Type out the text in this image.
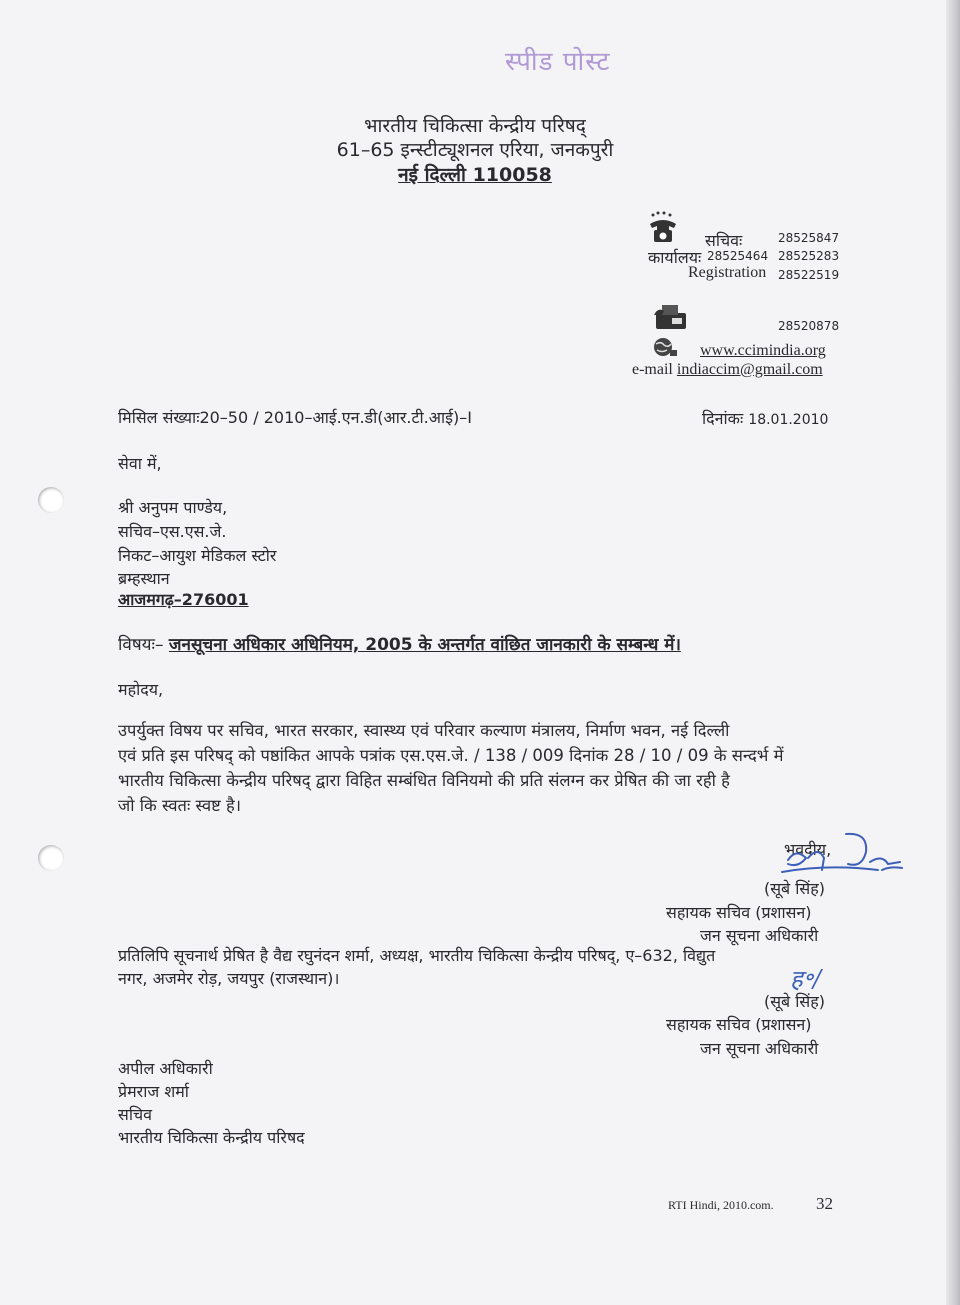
स्पीड पोस्ट
भारतीय चिकित्सा केन्द्रीय परिषद्
61–65 इन्स्टीट्यूशनल एरिया, जनकपुरी
नई दिल्ली 110058
सचिवः	28525847
कार्यालयः 28525464 28525283
Registration 28522519
28520878
www.ccimindia.org
e-mail indiaccim@gmail.com
मिसिल संख्याः20–50 / 2010–आई.एन.डी(आर.टी.आई)–I	दिनांकः 18.01.2010
सेवा में,
श्री अनुपम पाण्डेय,
सचिव–एस.एस.जे.
निकट–आयुश मेडिकल स्टोर
ब्रम्हस्थान
आजमगढ़–276001
विषयः– जनसूचना अधिकार अधिनियम, 2005 के अन्तर्गत वांछित जानकारी के सम्बन्ध में।
महोदय,
उपर्युक्त विषय पर सचिव, भारत सरकार, स्वास्थ्य एवं परिवार कल्याण मंत्रालय, निर्माण भवन, नई दिल्ली
एवं प्रति इस परिषद् को पष्ठांकित आपके पत्रांक एस.एस.जे. / 138 / 009 दिनांक 28 / 10 / 09 के सन्दर्भ में
भारतीय चिकित्सा केन्द्रीय परिषद् द्वारा विहित सम्बंधित विनियमो की प्रति संलग्न कर प्रेषित की जा रही है
जो कि स्वतः स्वष्ट है।
भवदीय,
(सूबे सिंह)
सहायक सचिव (प्रशासन)
जन सूचना अधिकारी
प्रतिलिपि सूचनार्थ प्रेषित है वैद्य रघुनंदन शर्मा, अध्यक्ष, भारतीय चिकित्सा केन्द्रीय परिषद्, ए–632, विद्युत
नगर, अजमेर रोड़, जयपुर (राजस्थान)।	ह॰/
(सूबे सिंह)
सहायक सचिव (प्रशासन)
जन सूचना अधिकारी
अपील अधिकारी
प्रेमराज शर्मा
सचिव
भारतीय चिकित्सा केन्द्रीय परिषद
RTI Hindi, 2010.com. 32
